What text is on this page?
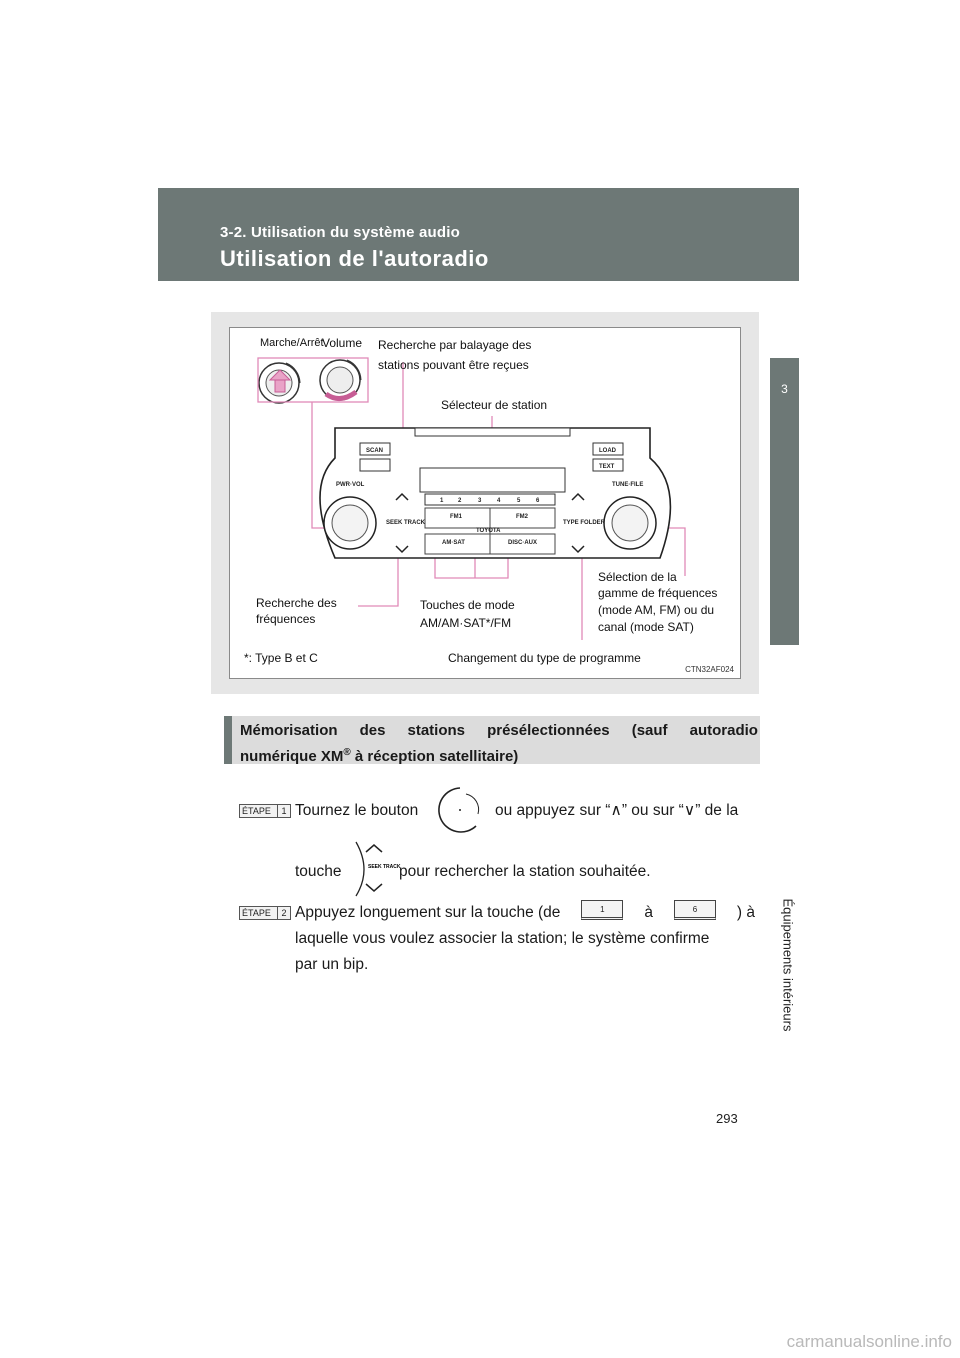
3-2. Utilisation du système audio
Utilisation de l'autoradio
3
Équipements intérieurs
SCAN	LOAD
TEXT
PWR·VOL	TUNE·FILE
SEEK TRACK	TYPE FOLDER
1 2	3	4	5	6
FM1	FM2
TOYOTA
AM·SAT	DISC·AUX
Marche/Arrêt
Volume Recherche par balayage des
stations pouvant être reçues
Sélecteur de station
Recherche des
fréquences
Touches de mode
AM/AM·SAT*/FM
Sélection de la
gamme de fréquences
(mode AM, FM) ou du
canal (mode SAT)
*: Type B et C	Changement du type de programme
CTN32AF024
Mémorisation des stations présélectionnées (sauf autoradio
numérique XM® à réception satellitaire)
ÉTAPE	1 Tournez le bouton	ou appuyez sur “∧” ou sur “∨” de la
touche	SEEK TRACK
pour rechercher la station souhaitée.
ÉTAPE	2 Appuyez longuement sur la touche (de	1	à	6	) à
laquelle vous voulez associer la station; le système confirme
par un bip.
293
carmanualsonline.info
